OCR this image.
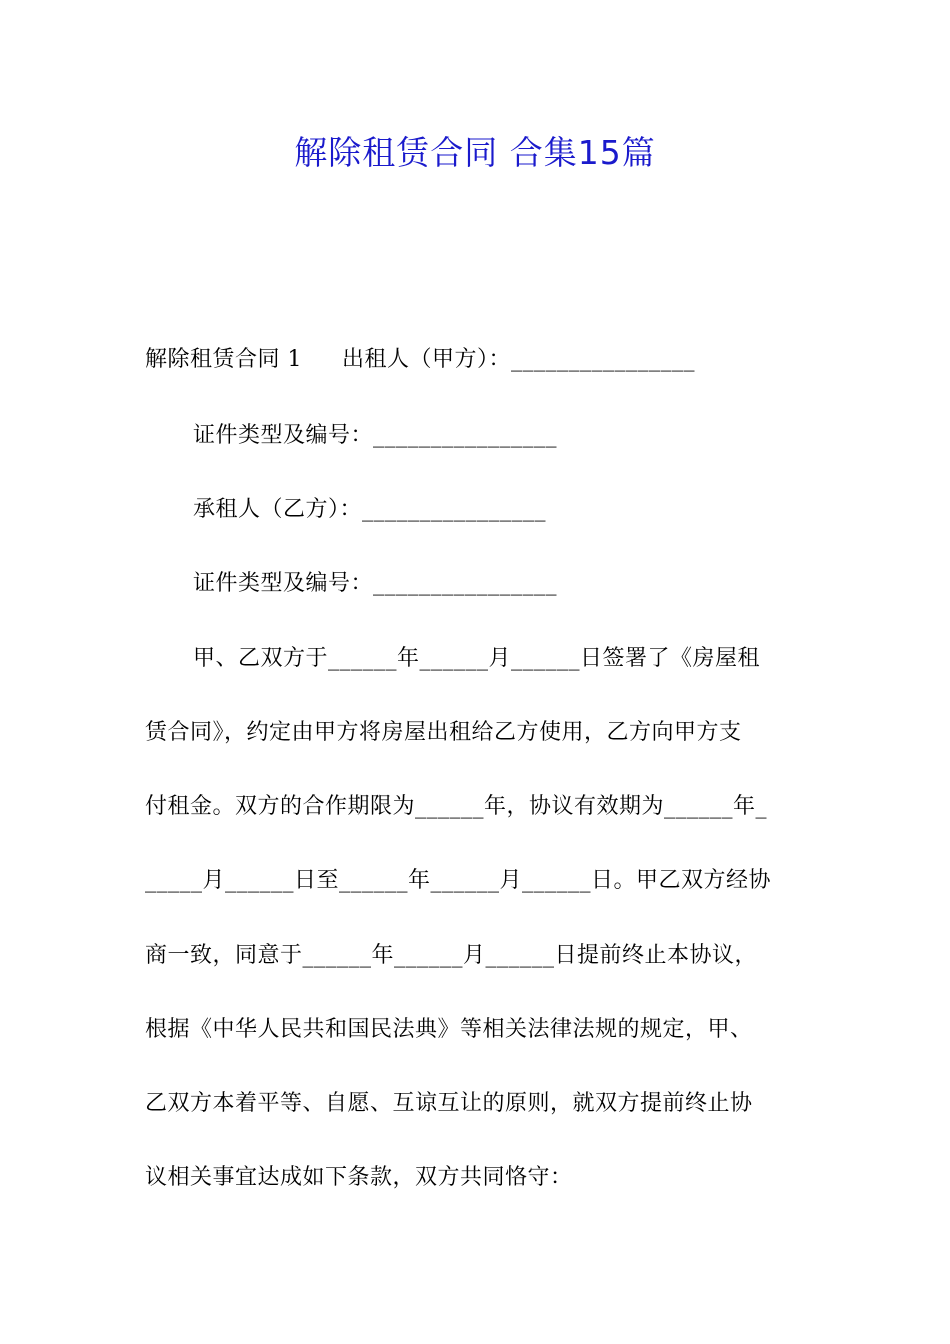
解除租赁合同 合集15篇
解除租赁合同 1 出租人（甲方）：________________
证件类型及编号：________________
承租人（乙方）：________________
证件类型及编号：________________
甲、乙双方于______年______月______日签署了《房屋租
赁合同》，约定由甲方将房屋出租给乙方使用，乙方向甲方支
付租金。双方的合作期限为______年，协议有效期为______年_
_____月______日至______年______月______日。甲乙双方经协
商一致，同意于______年______月______日提前终止本协议，
根据《中华人民共和国民法典》等相关法律法规的规定，甲、
乙双方本着平等、自愿、互谅互让的原则，就双方提前终止协
议相关事宜达成如下条款，双方共同恪守：
